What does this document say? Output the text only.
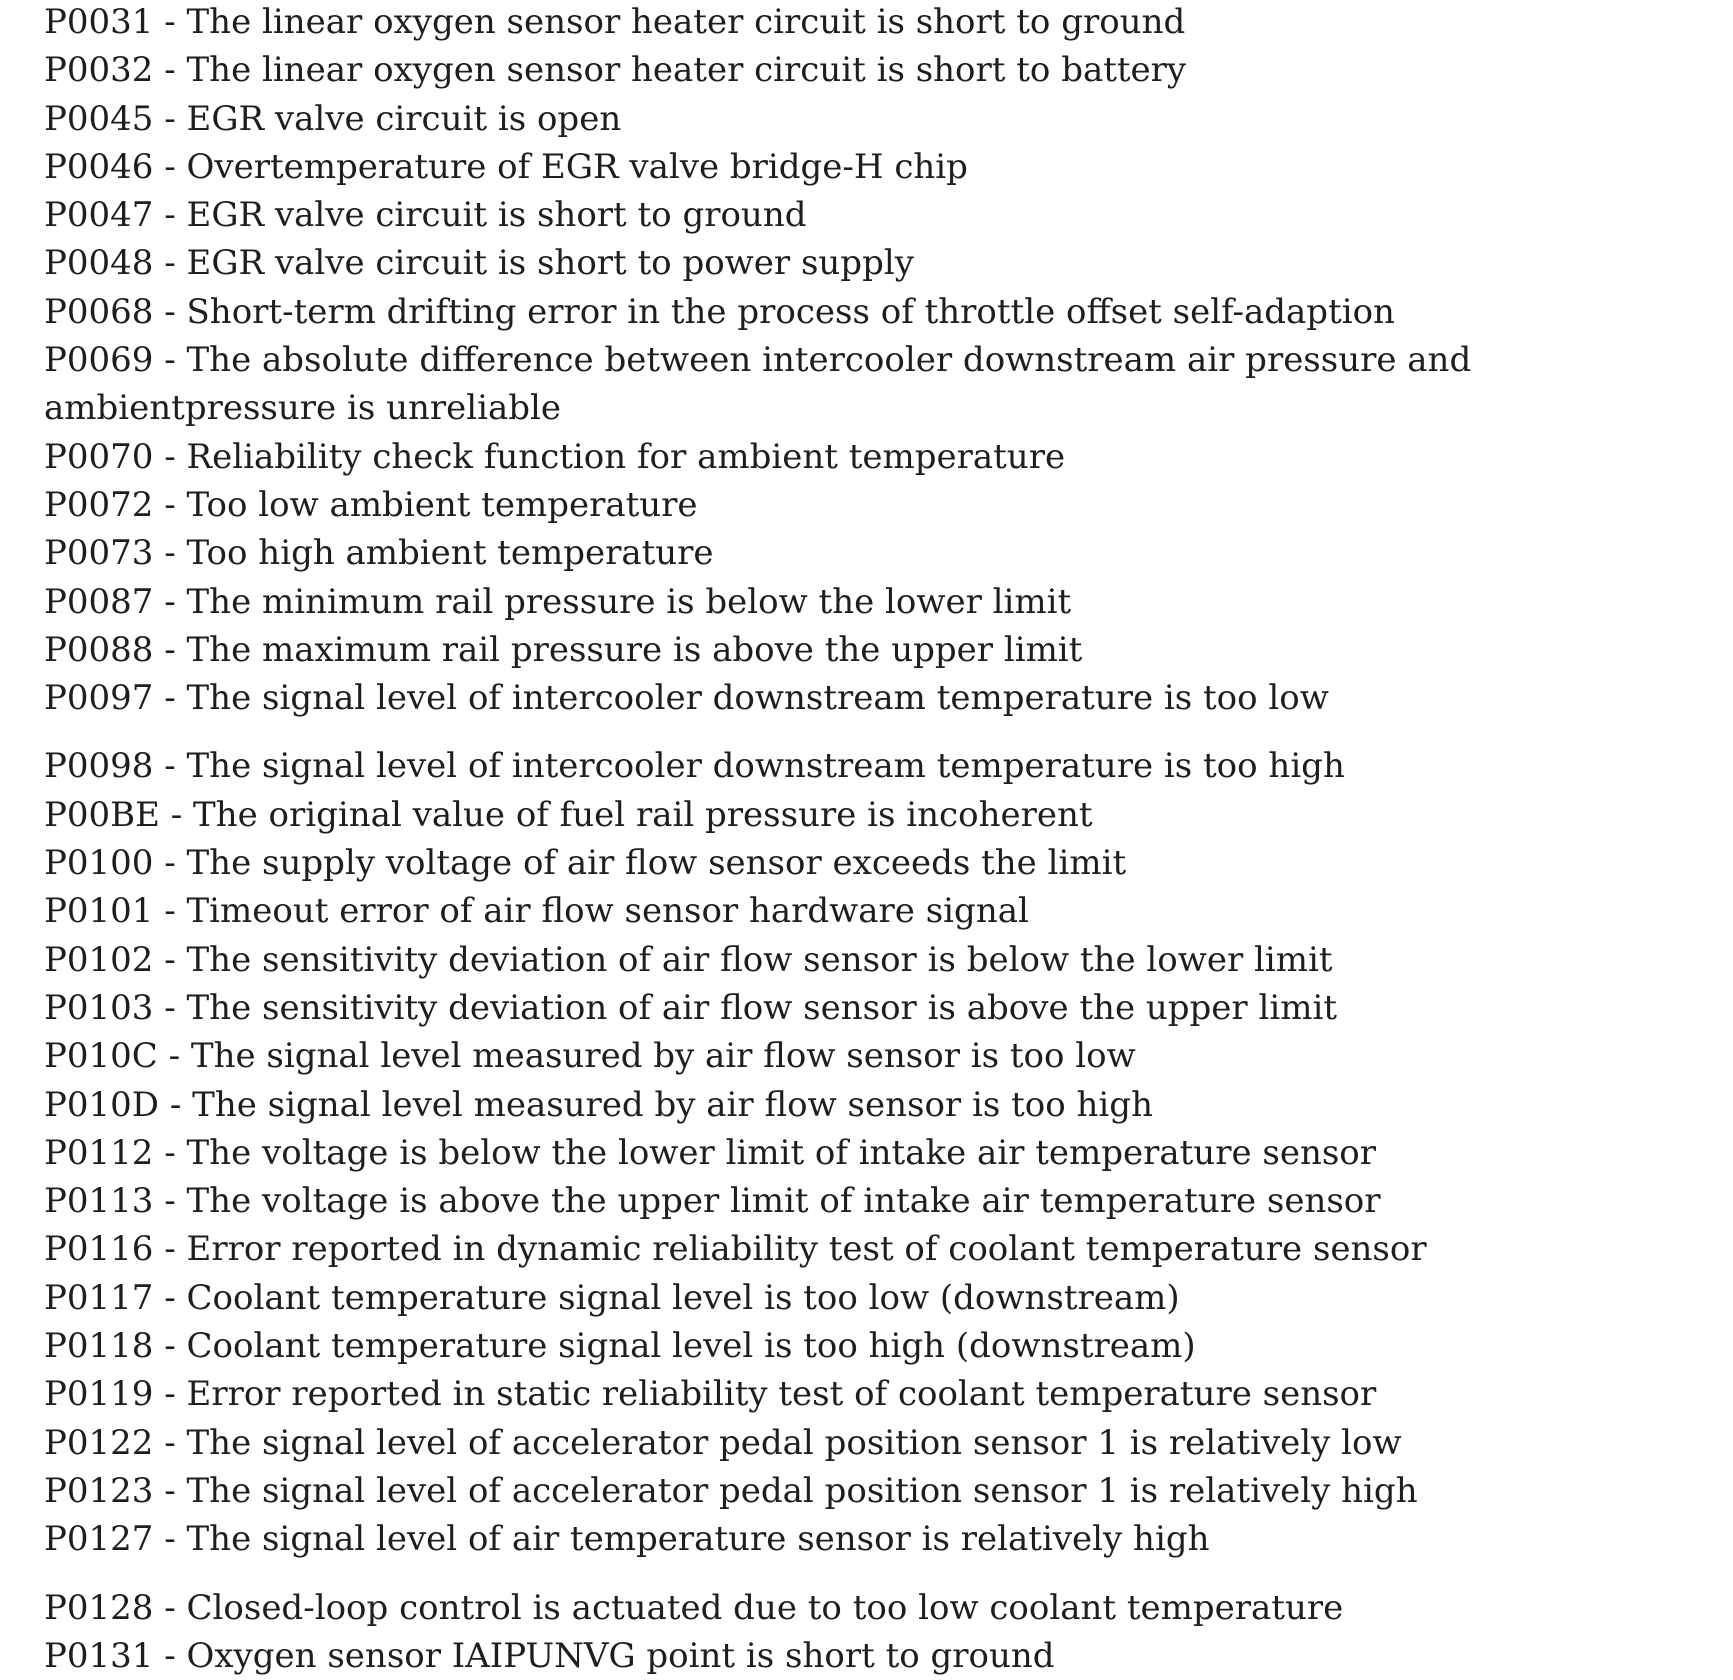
P0031 - The linear oxygen sensor heater circuit is short to ground
P0032 - The linear oxygen sensor heater circuit is short to battery
P0045 - EGR valve circuit is open
P0046 - Overtemperature of EGR valve bridge-H chip
P0047 - EGR valve circuit is short to ground
P0048 - EGR valve circuit is short to power supply
P0068 - Short-term drifting error in the process of throttle offset self-adaption
P0069 - The absolute difference between intercooler downstream air pressure and ambientpressure is unreliable
P0070 - Reliability check function for ambient temperature
P0072 - Too low ambient temperature
P0073 - Too high ambient temperature
P0087 - The minimum rail pressure is below the lower limit
P0088 - The maximum rail pressure is above the upper limit
P0097 - The signal level of intercooler downstream temperature is too low
P0098 - The signal level of intercooler downstream temperature is too high
P00BE - The original value of fuel rail pressure is incoherent
P0100 - The supply voltage of air flow sensor exceeds the limit
P0101 - Timeout error of air flow sensor hardware signal
P0102 - The sensitivity deviation of air flow sensor is below the lower limit
P0103 - The sensitivity deviation of air flow sensor is above the upper limit
P010C - The signal level measured by air flow sensor is too low
P010D - The signal level measured by air flow sensor is too high
P0112 - The voltage is below the lower limit of intake air temperature sensor
P0113 - The voltage is above the upper limit of intake air temperature sensor
P0116 - Error reported in dynamic reliability test of coolant temperature sensor
P0117 - Coolant temperature signal level is too low (downstream)
P0118 - Coolant temperature signal level is too high (downstream)
P0119 - Error reported in static reliability test of coolant temperature sensor
P0122 - The signal level of accelerator pedal position sensor 1 is relatively low
P0123 - The signal level of accelerator pedal position sensor 1 is relatively high
P0127 - The signal level of air temperature sensor is relatively high
P0128 - Closed-loop control is actuated due to too low coolant temperature
P0131 - Oxygen sensor IAIPUNVG point is short to ground
